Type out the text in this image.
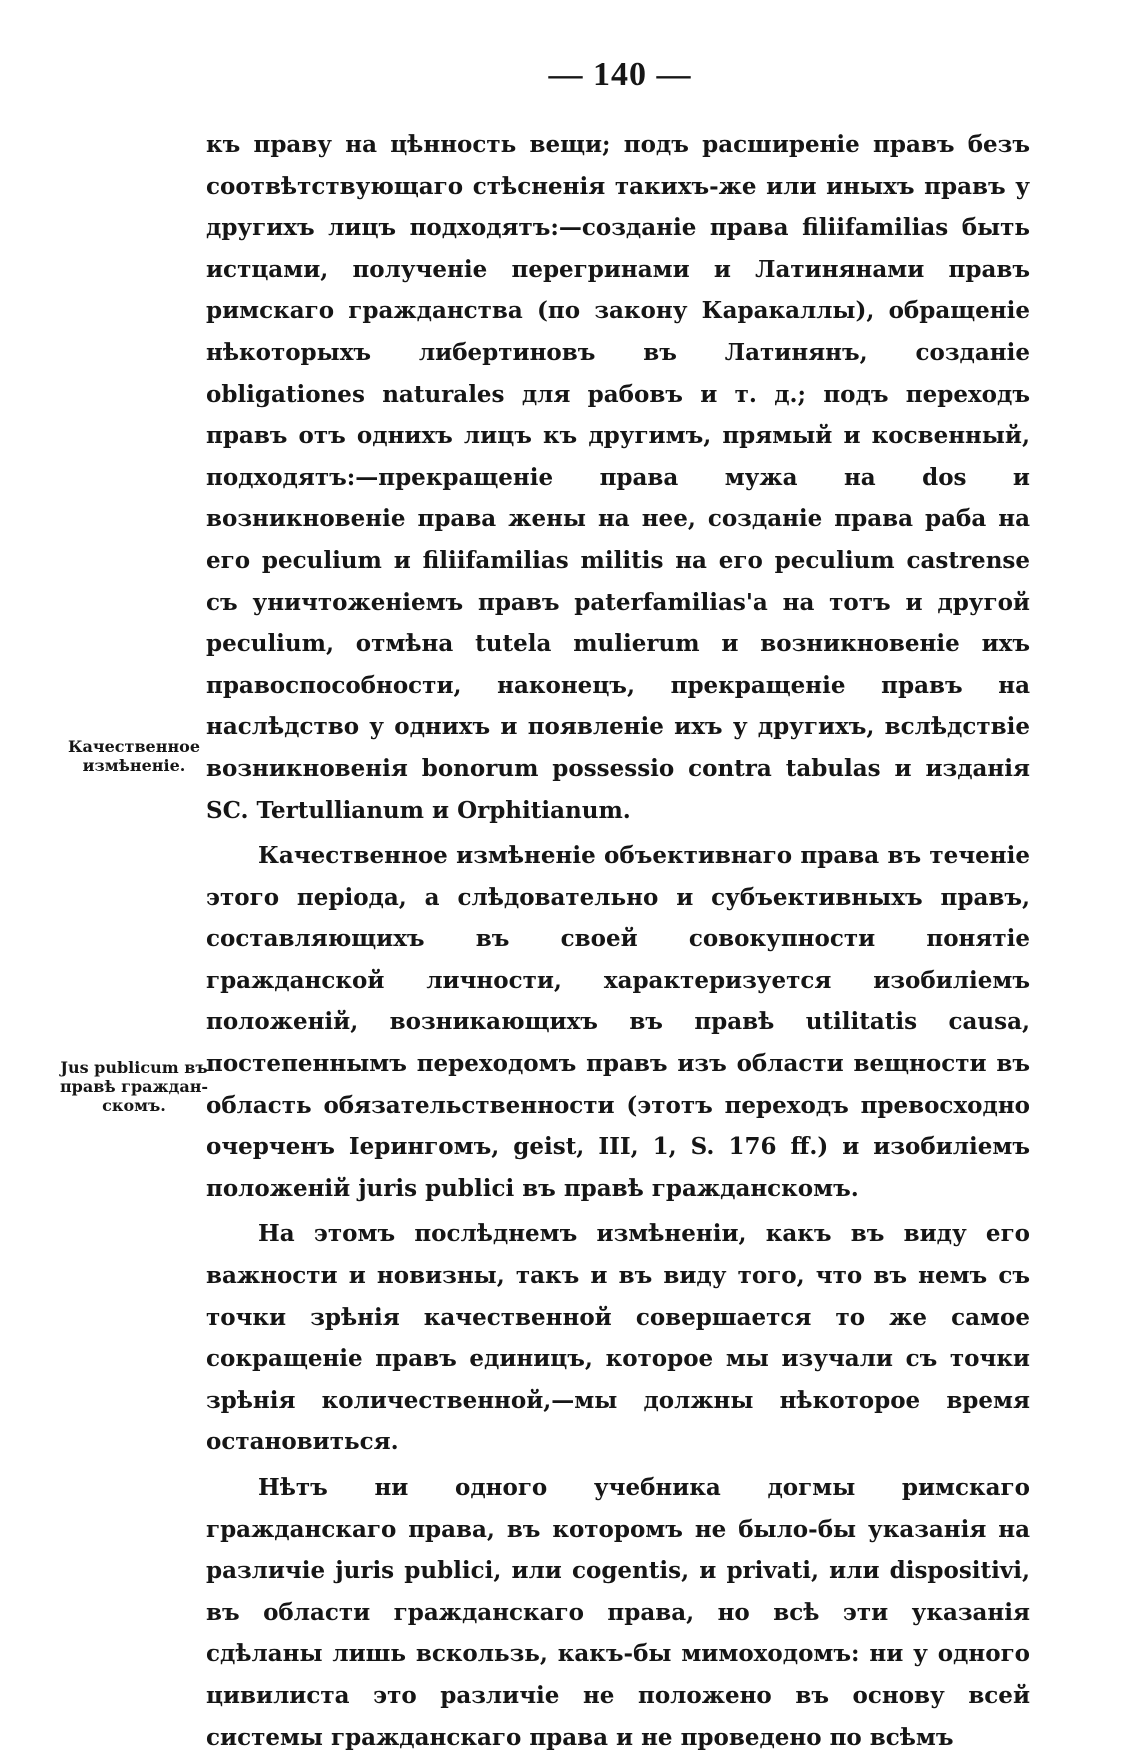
— 140 —
Качественное измѣненіе.
Jus publicum въ правѣ граждан-скомъ.

къ праву на цѣнность вещи; подъ расширеніе правъ безъ соотвѣтствующаго стѣсненія такихъ-же или иныхъ правъ у другихъ лицъ подходятъ:—созданіе права filiifamilias быть истцами, полученіе перегринами и Латинянами правъ римскаго гражданства (по закону Каракаллы), обращеніе нѣкоторыхъ либертиновъ въ Латинянъ, созданіе obligationes naturales для рабовъ и т. д.; подъ переходъ правъ отъ однихъ лицъ къ другимъ, прямый и косвенный, подходятъ:—прекращеніе права мужа на dos и возникновеніе права жены на нее, созданіе права раба на его peculium и filiifamilias militis на его peculium castrense съ уничтоженіемъ правъ paterfamilias'a на тотъ и другой peculium, отмѣна tutela mulierum и возникновеніе ихъ правоспособности, наконецъ, прекращеніе правъ на наслѣдство у однихъ и появленіе ихъ у другихъ, вслѣдствіе возникновенія bonorum possessio contra tabulas и изданія SC. Tertullianum и Orphitianum.

Качественное измѣненіе объективнаго права въ теченіе этого періода, а слѣдовательно и субъективныхъ правъ, составляющихъ въ своей совокупности понятіе гражданской личности, характеризуется изобиліемъ положеній, возникающихъ въ правѣ utilitatis causa, постепеннымъ переходомъ правъ изъ области вещности въ область обязательственности (этотъ переходъ превосходно очерченъ Іерингомъ, geist, III, 1, S. 176 ff.) и изобиліемъ положеній juris publici въ правѣ гражданскомъ.

На этомъ послѣднемъ измѣненіи, какъ въ виду его важности и новизны, такъ и въ виду того, что въ немъ съ точки зрѣнія качественной совершается то же самое сокращеніе правъ единицъ, которое мы изучали съ точки зрѣнія количественной,—мы должны нѣкоторое время остановиться.

Нѣтъ ни одного учебника догмы римскаго гражданскаго права, въ которомъ не было-бы указанія на различіе juris publici, или cogentis, и privati, или dispositivi, въ области гражданскаго права, но всѣ эти указанія сдѣланы лишь вскользь, какъ-бы мимоходомъ: ни у одного цивилиста это различіе не положено въ основу всей системы гражданскаго права и не проведено по всѣмъ
